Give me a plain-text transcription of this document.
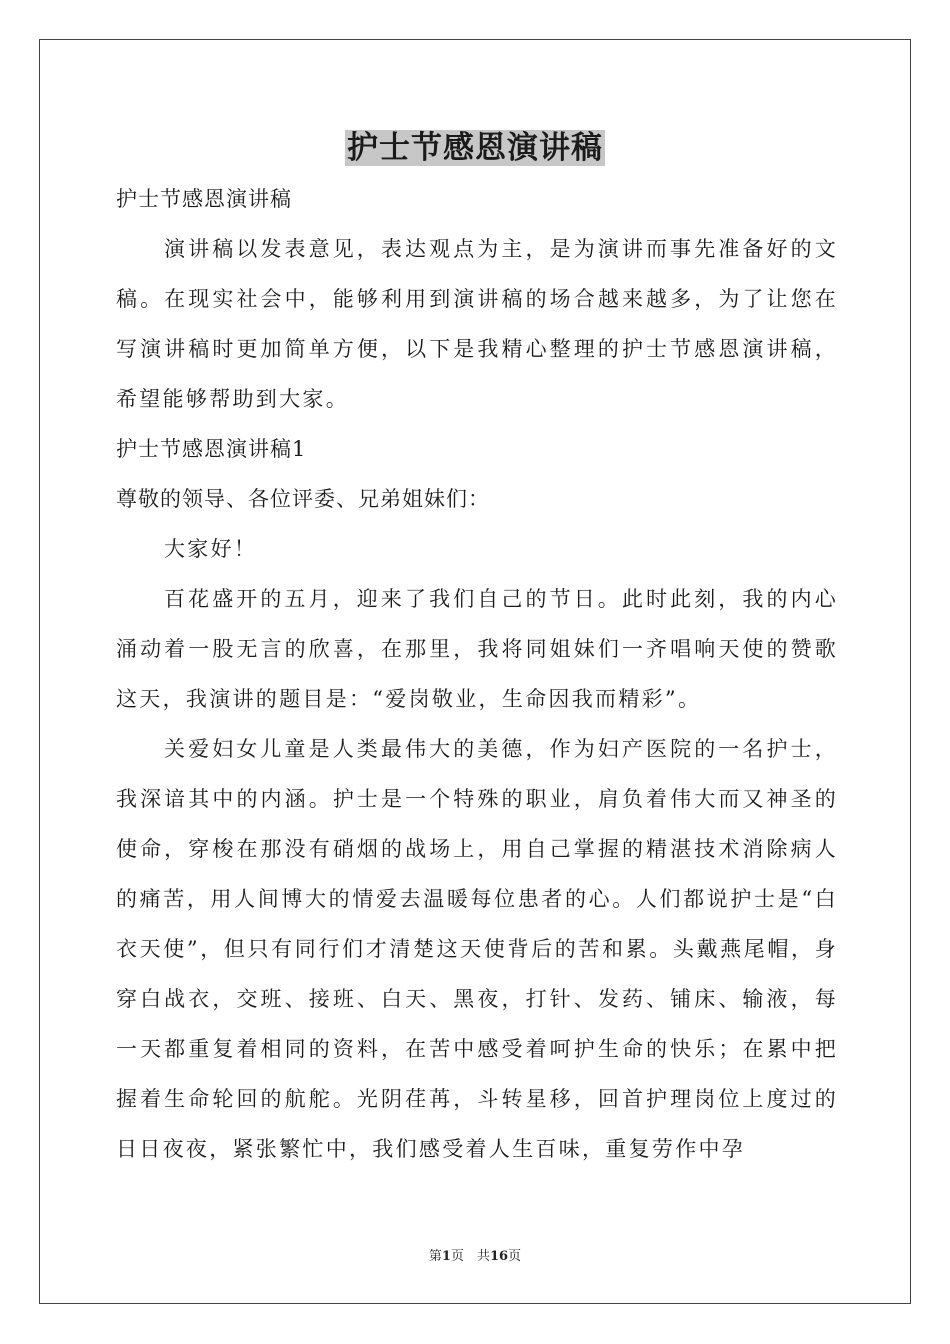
护士节感恩演讲稿

护士节感恩演讲稿

演讲稿以发表意见，表达观点为主，是为演讲而事先准备好的文稿。在现实社会中，能够利用到演讲稿的场合越来越多，为了让您在写演讲稿时更加简单方便，以下是我精心整理的护士节感恩演讲稿，希望能够帮助到大家。

护士节感恩演讲稿1

尊敬的领导、各位评委、兄弟姐妹们：

大家好！

百花盛开的五月，迎来了我们自己的节日。此时此刻，我的内心涌动着一股无言的欣喜，在那里，我将同姐妹们一齐唱响天使的赞歌这天，我演讲的题目是：“爱岗敬业，生命因我而精彩”。

关爱妇女儿童是人类最伟大的美德，作为妇产医院的一名护士，我深谙其中的内涵。护士是一个特殊的职业，肩负着伟大而又神圣的使命，穿梭在那没有硝烟的战场上，用自己掌握的精湛技术消除病人的痛苦，用人间博大的情爱去温暖每位患者的心。人们都说护士是“白衣天使”，但只有同行们才清楚这天使背后的苦和累。头戴燕尾帽，身穿白战衣，交班、接班、白天、黑夜，打针、发药、铺床、输液，每一天都重复着相同的资料，在苦中感受着呵护生命的快乐；在累中把握着生命轮回的航舵。光阴荏苒，斗转星移，回首护理岗位上度过的日日夜夜，紧张繁忙中，我们感受着人生百味，重复劳作中孕

第1页　共16页
